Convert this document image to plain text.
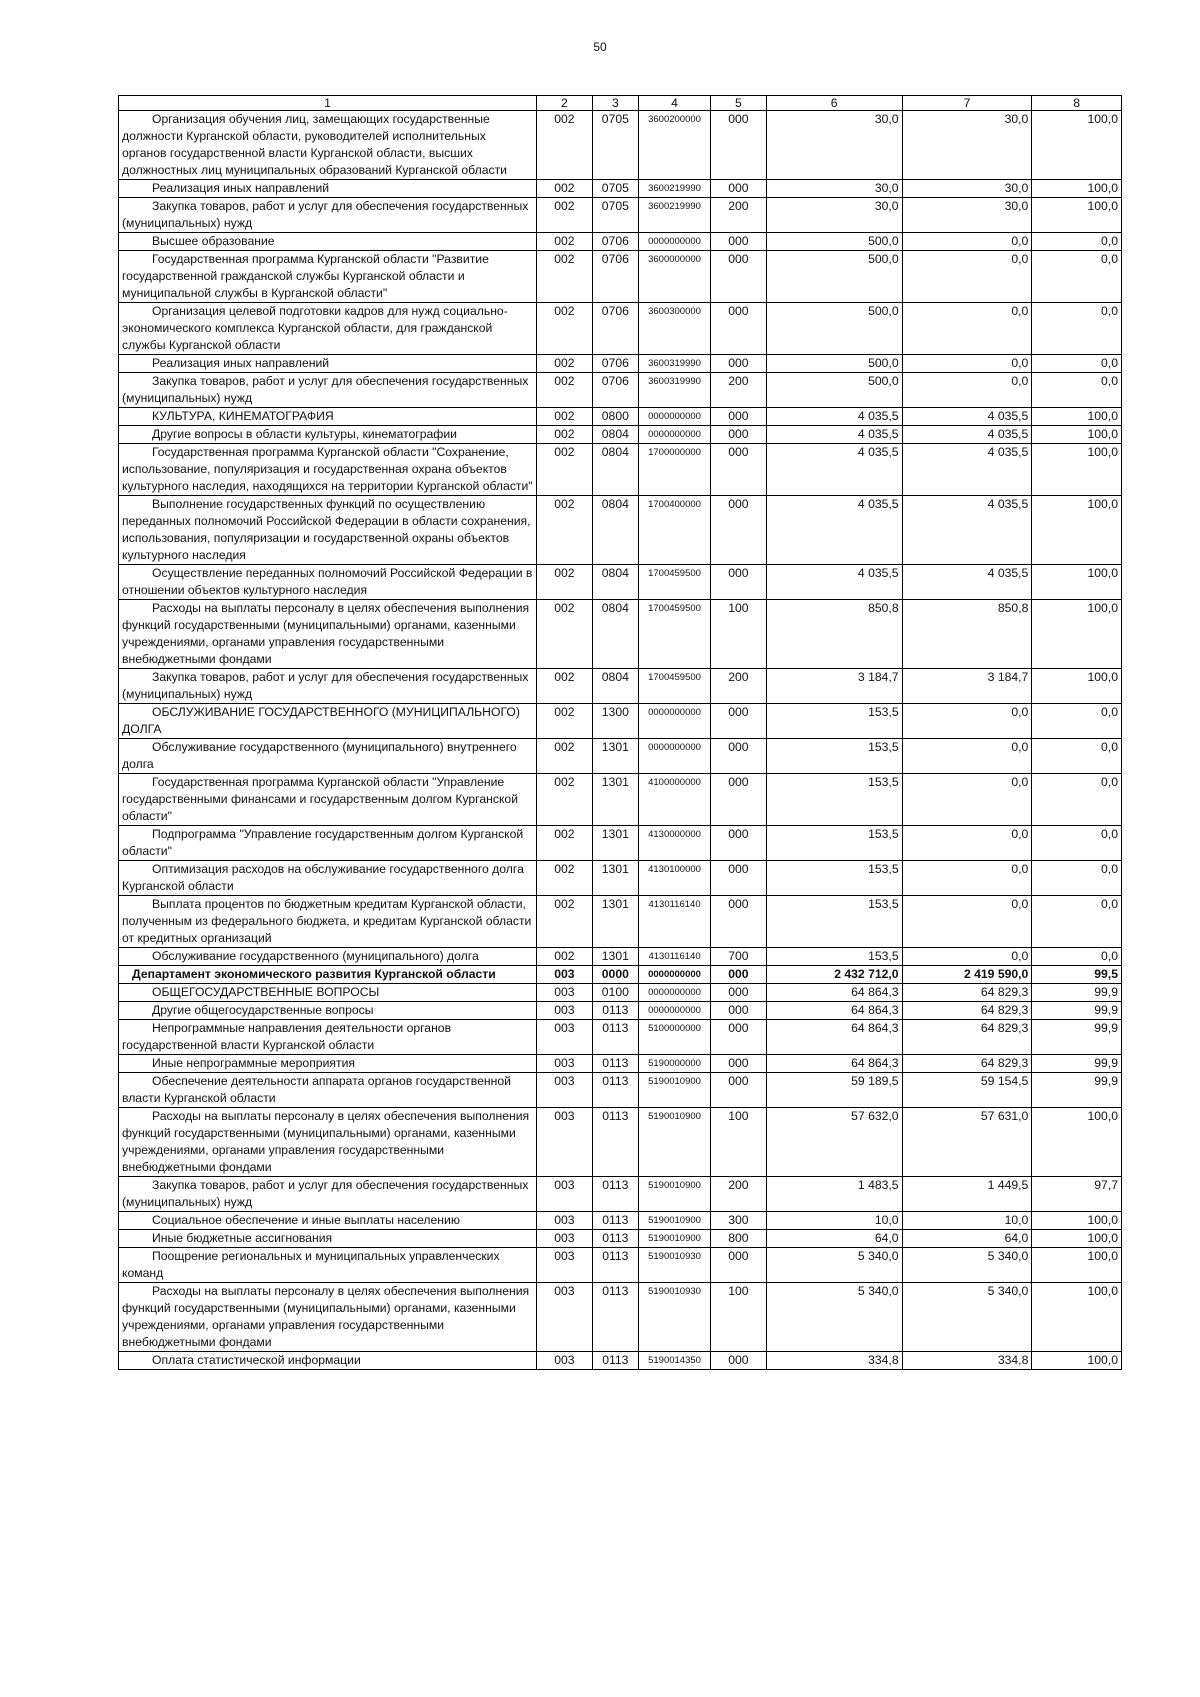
50
1	2	3	4	5	6	7	8
Организация обучения лиц, замещающих государственные должности Курганской области, руководителей исполнительных органов государственной власти Курганской области, высших должностных лиц муниципальных образований Курганской области	002	0705	3600200000	000	30,0	30,0	100,0
Реализация иных направлений	002	0705	3600219990	000	30,0	30,0	100,0
Закупка товаров, работ и услуг для обеспечения государственных (муниципальных) нужд	002	0705	3600219990	200	30,0	30,0	100,0
Высшее образование	002	0706	0000000000	000	500,0	0,0	0,0
Государственная программа Курганской области "Развитие государственной гражданской службы Курганской области и муниципальной службы в Курганской области"	002	0706	3600000000	000	500,0	0,0	0,0
Организация целевой подготовки кадров для нужд социально-экономического комплекса Курганской области, для гражданской службы Курганской области	002	0706	3600300000	000	500,0	0,0	0,0
Реализация иных направлений	002	0706	3600319990	000	500,0	0,0	0,0
Закупка товаров, работ и услуг для обеспечения государственных (муниципальных) нужд	002	0706	3600319990	200	500,0	0,0	0,0
КУЛЬТУРА, КИНЕМАТОГРАФИЯ	002	0800	0000000000	000	4 035,5	4 035,5	100,0
Другие вопросы в области культуры, кинематографии	002	0804	0000000000	000	4 035,5	4 035,5	100,0
Государственная программа Курганской области "Сохранение, использование, популяризация и государственная охрана объектов культурного наследия, находящихся на территории Курганской области"	002	0804	1700000000	000	4 035,5	4 035,5	100,0
Выполнение государственных функций по осуществлению переданных полномочий Российской Федерации в области сохранения, использования, популяризации и государственной охраны объектов культурного наследия	002	0804	1700400000	000	4 035,5	4 035,5	100,0
Осуществление переданных полномочий Российской Федерации в отношении объектов культурного наследия	002	0804	1700459500	000	4 035,5	4 035,5	100,0
Расходы на выплаты персоналу в целях обеспечения выполнения функций государственными (муниципальными) органами, казенными учреждениями, органами управления государственными внебюджетными фондами	002	0804	1700459500	100	850,8	850,8	100,0
Закупка товаров, работ и услуг для обеспечения государственных (муниципальных) нужд	002	0804	1700459500	200	3 184,7	3 184,7	100,0
ОБСЛУЖИВАНИЕ ГОСУДАРСТВЕННОГО (МУНИЦИПАЛЬНОГО) ДОЛГА	002	1300	0000000000	000	153,5	0,0	0,0
Обслуживание государственного (муниципального) внутреннего долга	002	1301	0000000000	000	153,5	0,0	0,0
Государственная программа Курганской области "Управление государственными финансами и государственным долгом Курганской области"	002	1301	4100000000	000	153,5	0,0	0,0
Подпрограмма "Управление государственным долгом Курганской области"	002	1301	4130000000	000	153,5	0,0	0,0
Оптимизация расходов на обслуживание государственного долга Курганской области	002	1301	4130100000	000	153,5	0,0	0,0
Выплата процентов по бюджетным кредитам Курганской области, полученным из федерального бюджета, и кредитам Курганской области от кредитных организаций	002	1301	4130116140	000	153,5	0,0	0,0
Обслуживание государственного (муниципального) долга	002	1301	4130116140	700	153,5	0,0	0,0
Департамент экономического развития Курганской области	003	0000	0000000000	000	2 432 712,0	2 419 590,0	99,5
ОБЩЕГОСУДАРСТВЕННЫЕ ВОПРОСЫ	003	0100	0000000000	000	64 864,3	64 829,3	99,9
Другие общегосударственные вопросы	003	0113	0000000000	000	64 864,3	64 829,3	99,9
Непрограммные направления деятельности органов государственной власти Курганской области	003	0113	5100000000	000	64 864,3	64 829,3	99,9
Иные непрограммные мероприятия	003	0113	5190000000	000	64 864,3	64 829,3	99,9
Обеспечение деятельности аппарата органов государственной власти Курганской области	003	0113	5190010900	000	59 189,5	59 154,5	99,9
Расходы на выплаты персоналу в целях обеспечения выполнения функций государственными (муниципальными) органами, казенными учреждениями, органами управления государственными внебюджетными фондами	003	0113	5190010900	100	57 632,0	57 631,0	100,0
Закупка товаров, работ и услуг для обеспечения государственных (муниципальных) нужд	003	0113	5190010900	200	1 483,5	1 449,5	97,7
Социальное обеспечение и иные выплаты населению	003	0113	5190010900	300	10,0	10,0	100,0
Иные бюджетные ассигнования	003	0113	5190010900	800	64,0	64,0	100,0
Поощрение региональных и муниципальных управленческих команд	003	0113	5190010930	000	5 340,0	5 340,0	100,0
Расходы на выплаты персоналу в целях обеспечения выполнения функций государственными (муниципальными) органами, казенными учреждениями, органами управления государственными внебюджетными фондами	003	0113	5190010930	100	5 340,0	5 340,0	100,0
Оплата статистической информации	003	0113	5190014350	000	334,8	334,8	100,0
